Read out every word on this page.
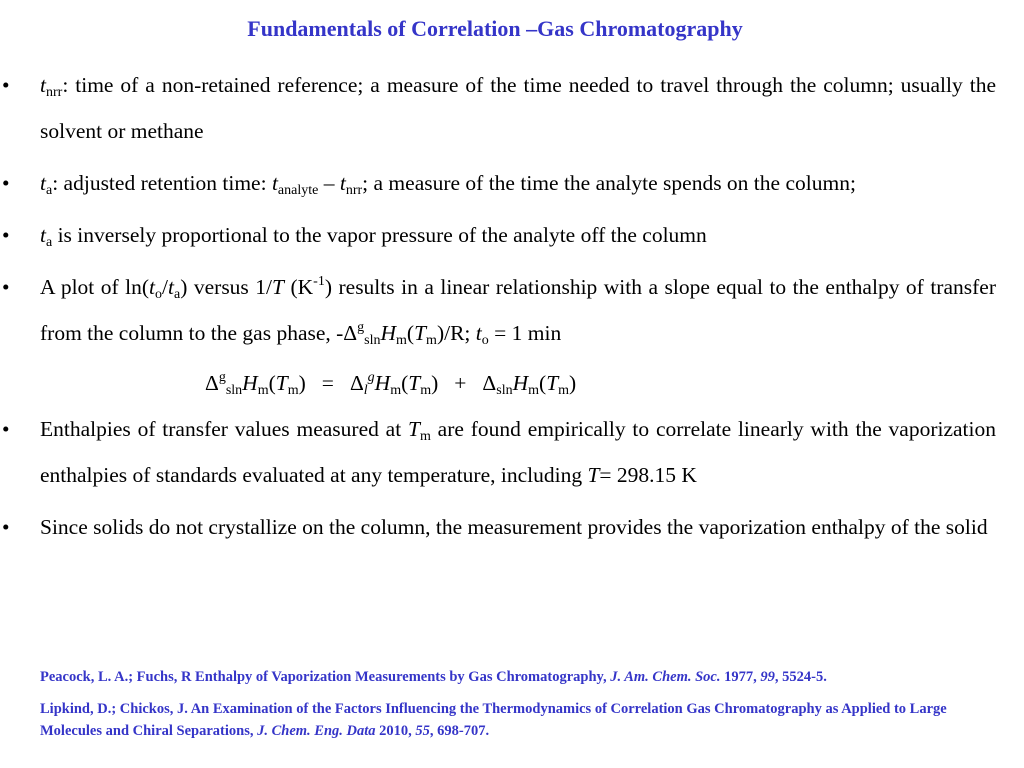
Fundamentals of Correlation –Gas Chromatography
• $t_{nrr}$: time of a non-retained reference; a measure of the time needed to travel through the column; usually the solvent or methane
• $t_a$: adjusted retention time: $t_{analyte} - t_{nrr}$; a measure of the time the analyte spends on the column;
• $t_a$ is inversely proportional to the vapor pressure of the analyte off the column
• A plot of $\ln(t_o/t_a)$ versus 1/T $(K^{-1})$ results in a linear relationship with a slope equal to the enthalpy of transfer from the column to the gas phase, $-\Delta^g_{sln}H_m(T_m)/R$; $t_o = 1$ min
$\Delta^g_{sln}H_m(T_m) = \Delta_l^gH_m(T_m) + \Delta_{sln}H_m(T_m)$
• Enthalpies of transfer values measured at $T_m$ are found empirically to correlate linearly with the vaporization enthalpies of standards evaluated at any temperature, including T= 298.15 K
• Since solids do not crystallize on the column, the measurement provides the vaporization enthalpy of the solid
Peacock, L. A.; Fuchs, R Enthalpy of Vaporization Measurements by Gas Chromatography, J. Am. Chem. Soc. 1977, 99, 5524-5.
Lipkind, D.; Chickos, J. An Examination of the Factors Influencing the Thermodynamics of Correlation Gas Chromatography as Applied to Large Molecules and Chiral Separations, J. Chem. Eng. Data 2010, 55, 698-707.
